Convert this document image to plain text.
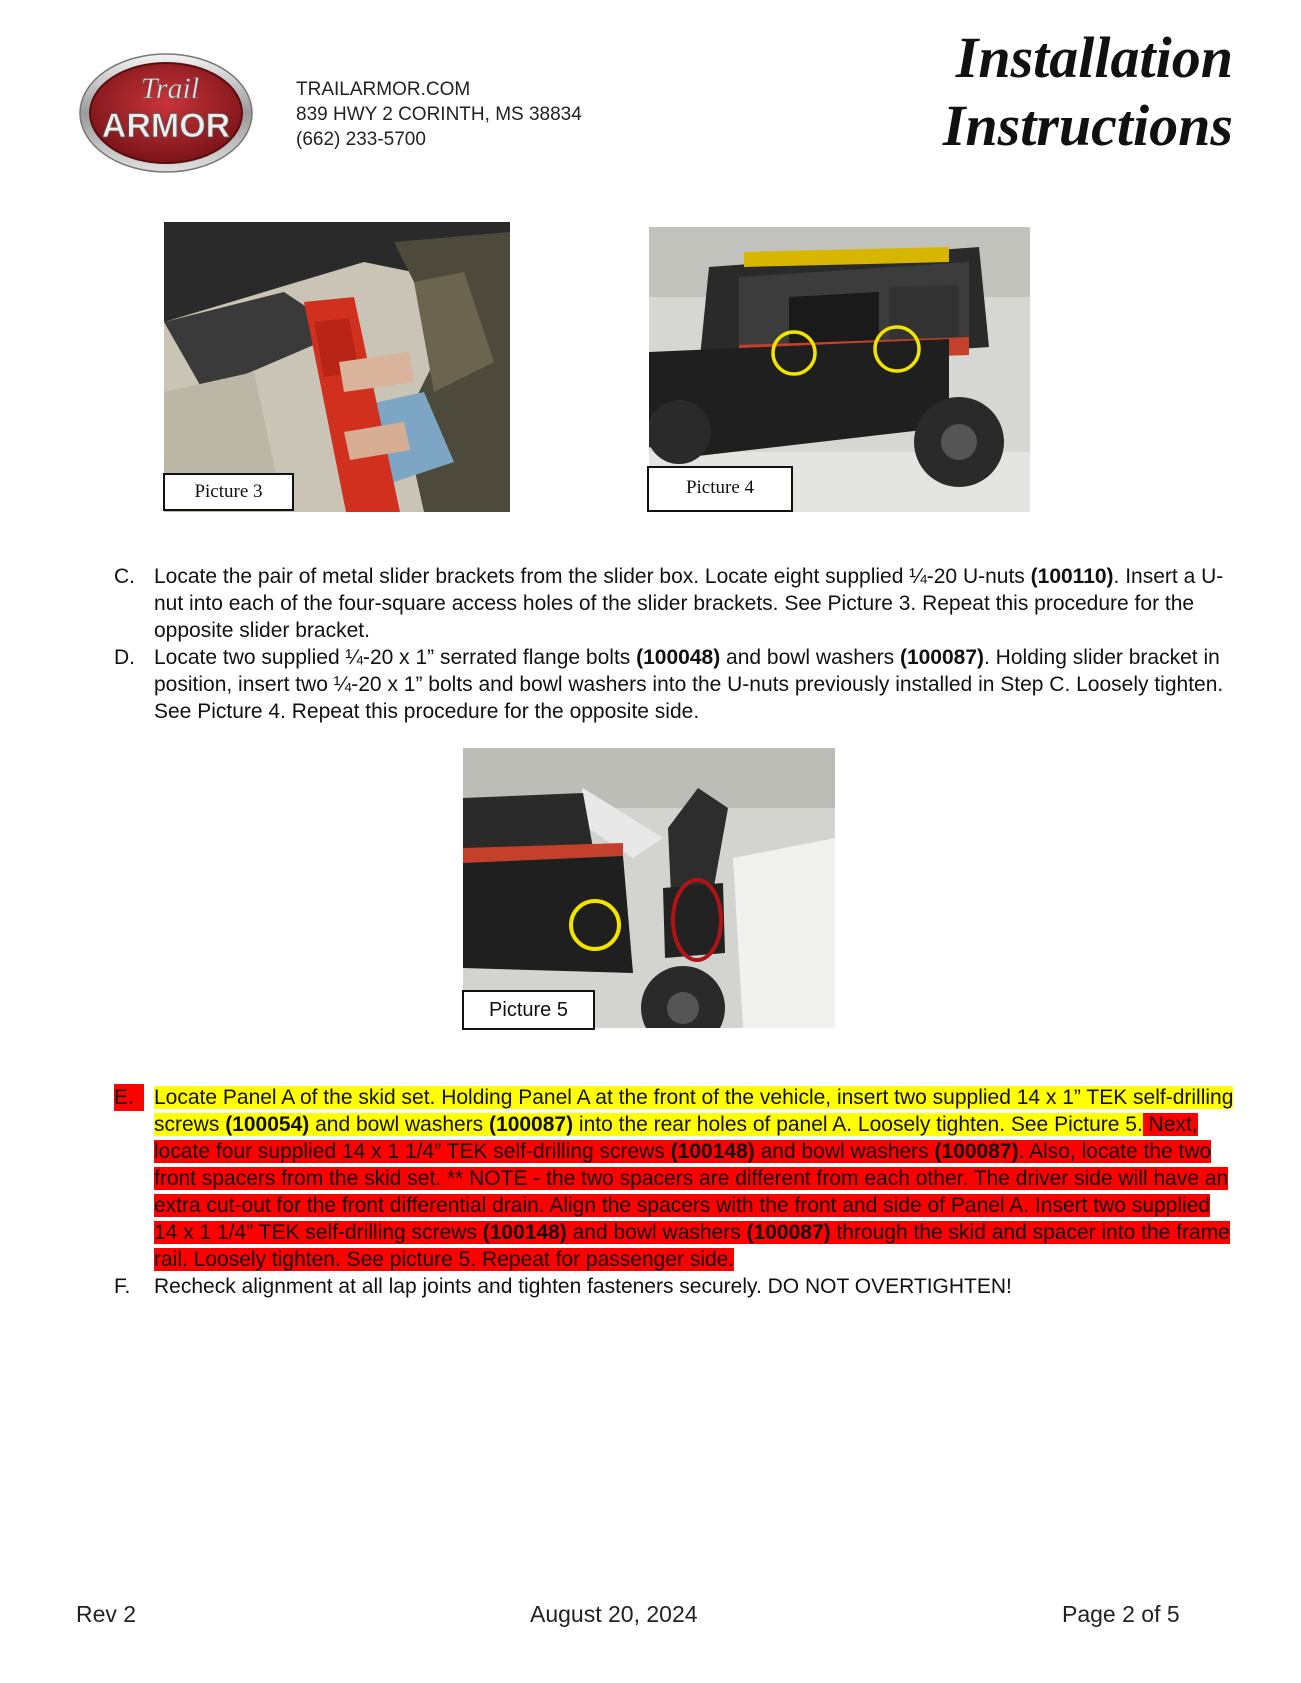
Trail
ARMOR
TRAILARMOR.COM
839 HWY 2 CORINTH, MS 38834
(662) 233-5700
Installation
Instructions
Picture 3	Picture 4

C. Locate the pair of metal slider brackets from the slider box. Locate eight supplied ¼-20 U-nuts (100110). Insert a U-nut into each of the four-square access holes of the slider brackets. See Picture 3. Repeat this procedure for the opposite slider bracket.

D. Locate two supplied ¼-20 x 1” serrated flange bolts (100048) and bowl washers (100087). Holding slider bracket in position, insert two ¼-20 x 1” bolts and bowl washers into the U-nuts previously installed in Step C. Loosely tighten. See Picture 4. Repeat this procedure for the opposite side.

Picture 5

E. Locate Panel A of the skid set. Holding Panel A at the front of the vehicle, insert two supplied 14 x 1” TEK self-drilling screws (100054) and bowl washers (100087) into the rear holes of panel A. Loosely tighten. See Picture 5. Next, locate four supplied 14 x 1 1/4” TEK self-drilling screws (100148) and bowl washers (100087). Also, locate the two front spacers from the skid set. ** NOTE - the two spacers are different from each other. The driver side will have an extra cut-out for the front differential drain. Align the spacers with the front and side of Panel A. Insert two supplied 14 x 1 1/4” TEK self-drilling screws (100148) and bowl washers (100087) through the skid and spacer into the frame rail. Loosely tighten. See picture 5. Repeat for passenger side.

F.	Recheck alignment at all lap joints and tighten fasteners securely. DO NOT OVERTIGHTEN!

Rev 2	August 20, 2024	Page 2 of 5
